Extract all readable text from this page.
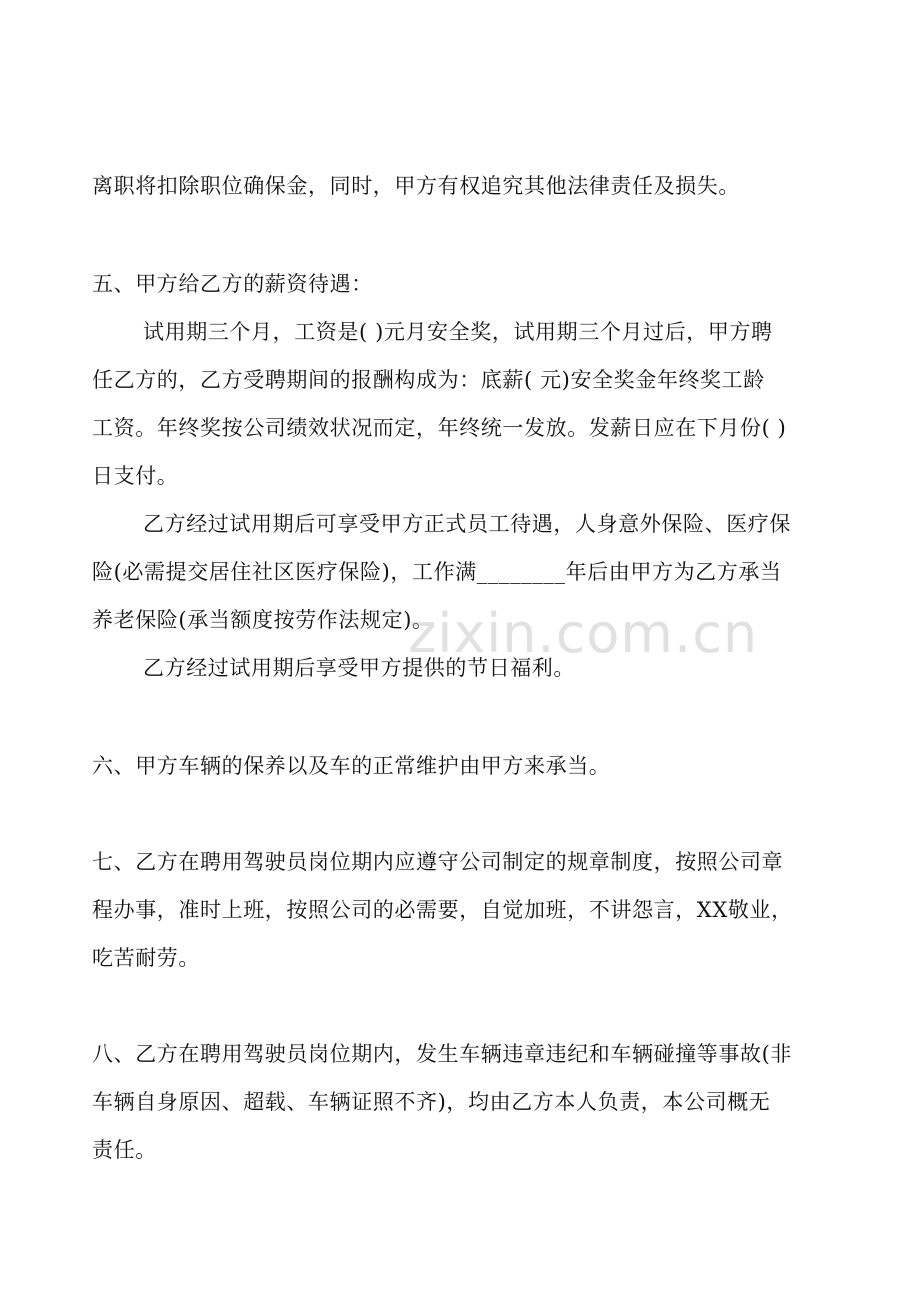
离职将扣除职位确保金，同时，甲方有权追究其他法律责任及损失。

五、甲方给乙方的薪资待遇：

试用期三个月，工资是( )元月安全奖，试用期三个月过后，甲方聘

任乙方的，乙方受聘期间的报酬构成为：底薪( 元)安全奖金年终奖工龄

工资。年终奖按公司绩效状况而定，年终统一发放。发薪日应在下月份( )

日支付。

乙方经过试用期后可享受甲方正式员工待遇，人身意外保险、医疗保

险(必需提交居住社区医疗保险)，工作满________年后由甲方为乙方承当

养老保险(承当额度按劳作法规定)。

乙方经过试用期后享受甲方提供的节日福利。

六、甲方车辆的保养以及车的正常维护由甲方来承当。

七、乙方在聘用驾驶员岗位期内应遵守公司制定的规章制度，按照公司章

程办事，准时上班，按照公司的必需要，自觉加班，不讲怨言，XX敬业，

吃苦耐劳。

八、乙方在聘用驾驶员岗位期内，发生车辆违章违纪和车辆碰撞等事故(非

车辆自身原因、超载、车辆证照不齐)，均由乙方本人负责，本公司概无

责任。

zixin.com.cn
